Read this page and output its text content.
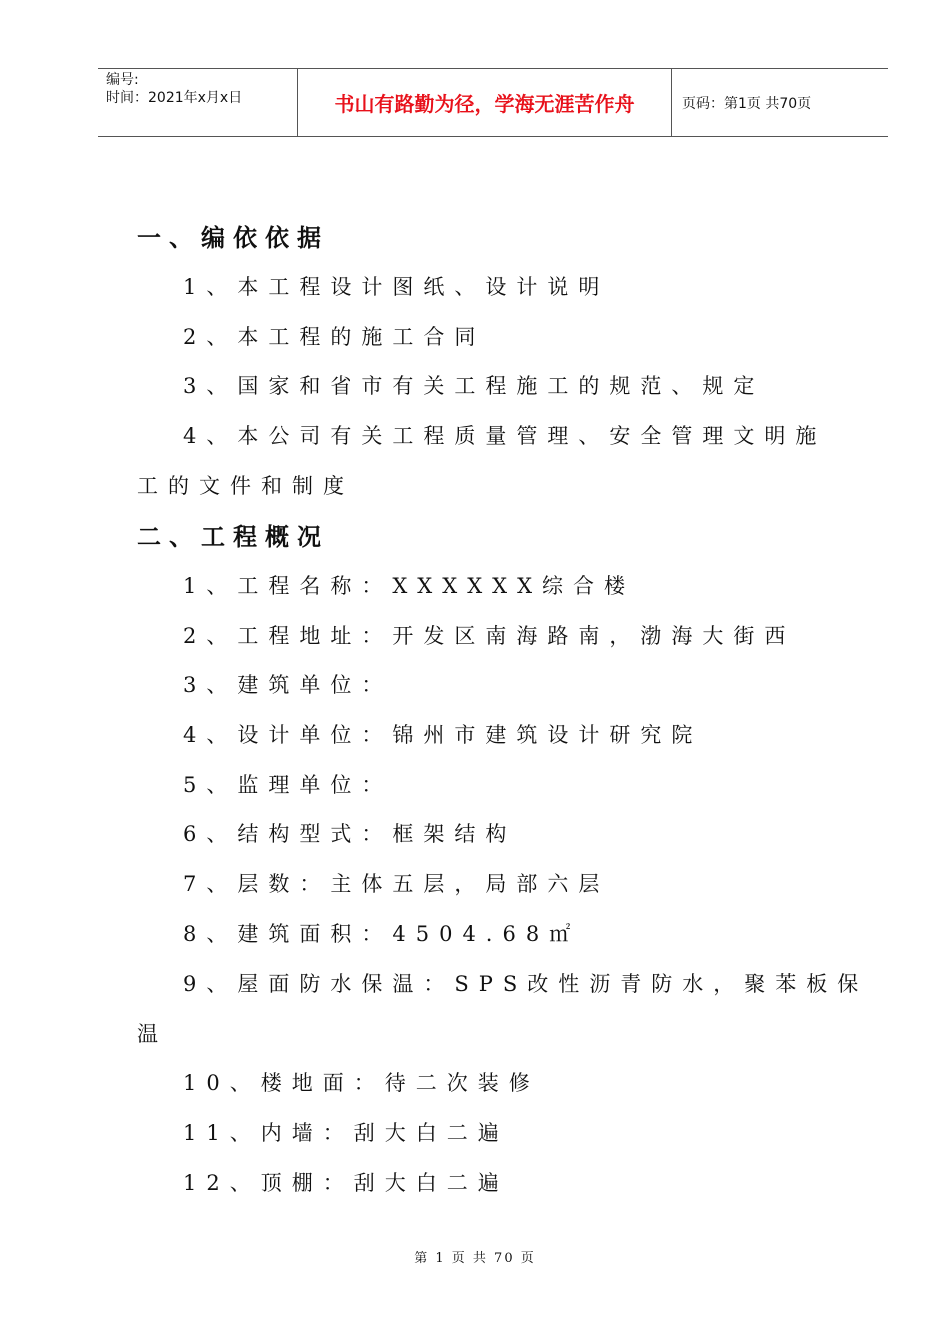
编号:
时间：2021年x月x日	书山有路勤为径，学海无涯苦作舟	页码：第1页 共70页
一、编依依据
1、本工程设计图纸、设计说明
2、本工程的施工合同
3、国家和省市有关工程施工的规范、规定
4、本公司有关工程质量管理、安全管理文明施
工的文件和制度
二、工程概况
1、工程名称：XXXXXX综合楼
2、工程地址：开发区南海路南，渤海大街西
3、建筑单位：
4、设计单位：锦州市建筑设计研究院
5、监理单位：
6、结构型式：框架结构
7、层数：主体五层，局部六层
8、建筑面积：4504.68㎡
9、屋面防水保温：SPS改性沥青防水，聚苯板保
温
10、楼地面：待二次装修
11、内墙：刮大白二遍
12、顶棚：刮大白二遍
第 1 页 共 70 页
